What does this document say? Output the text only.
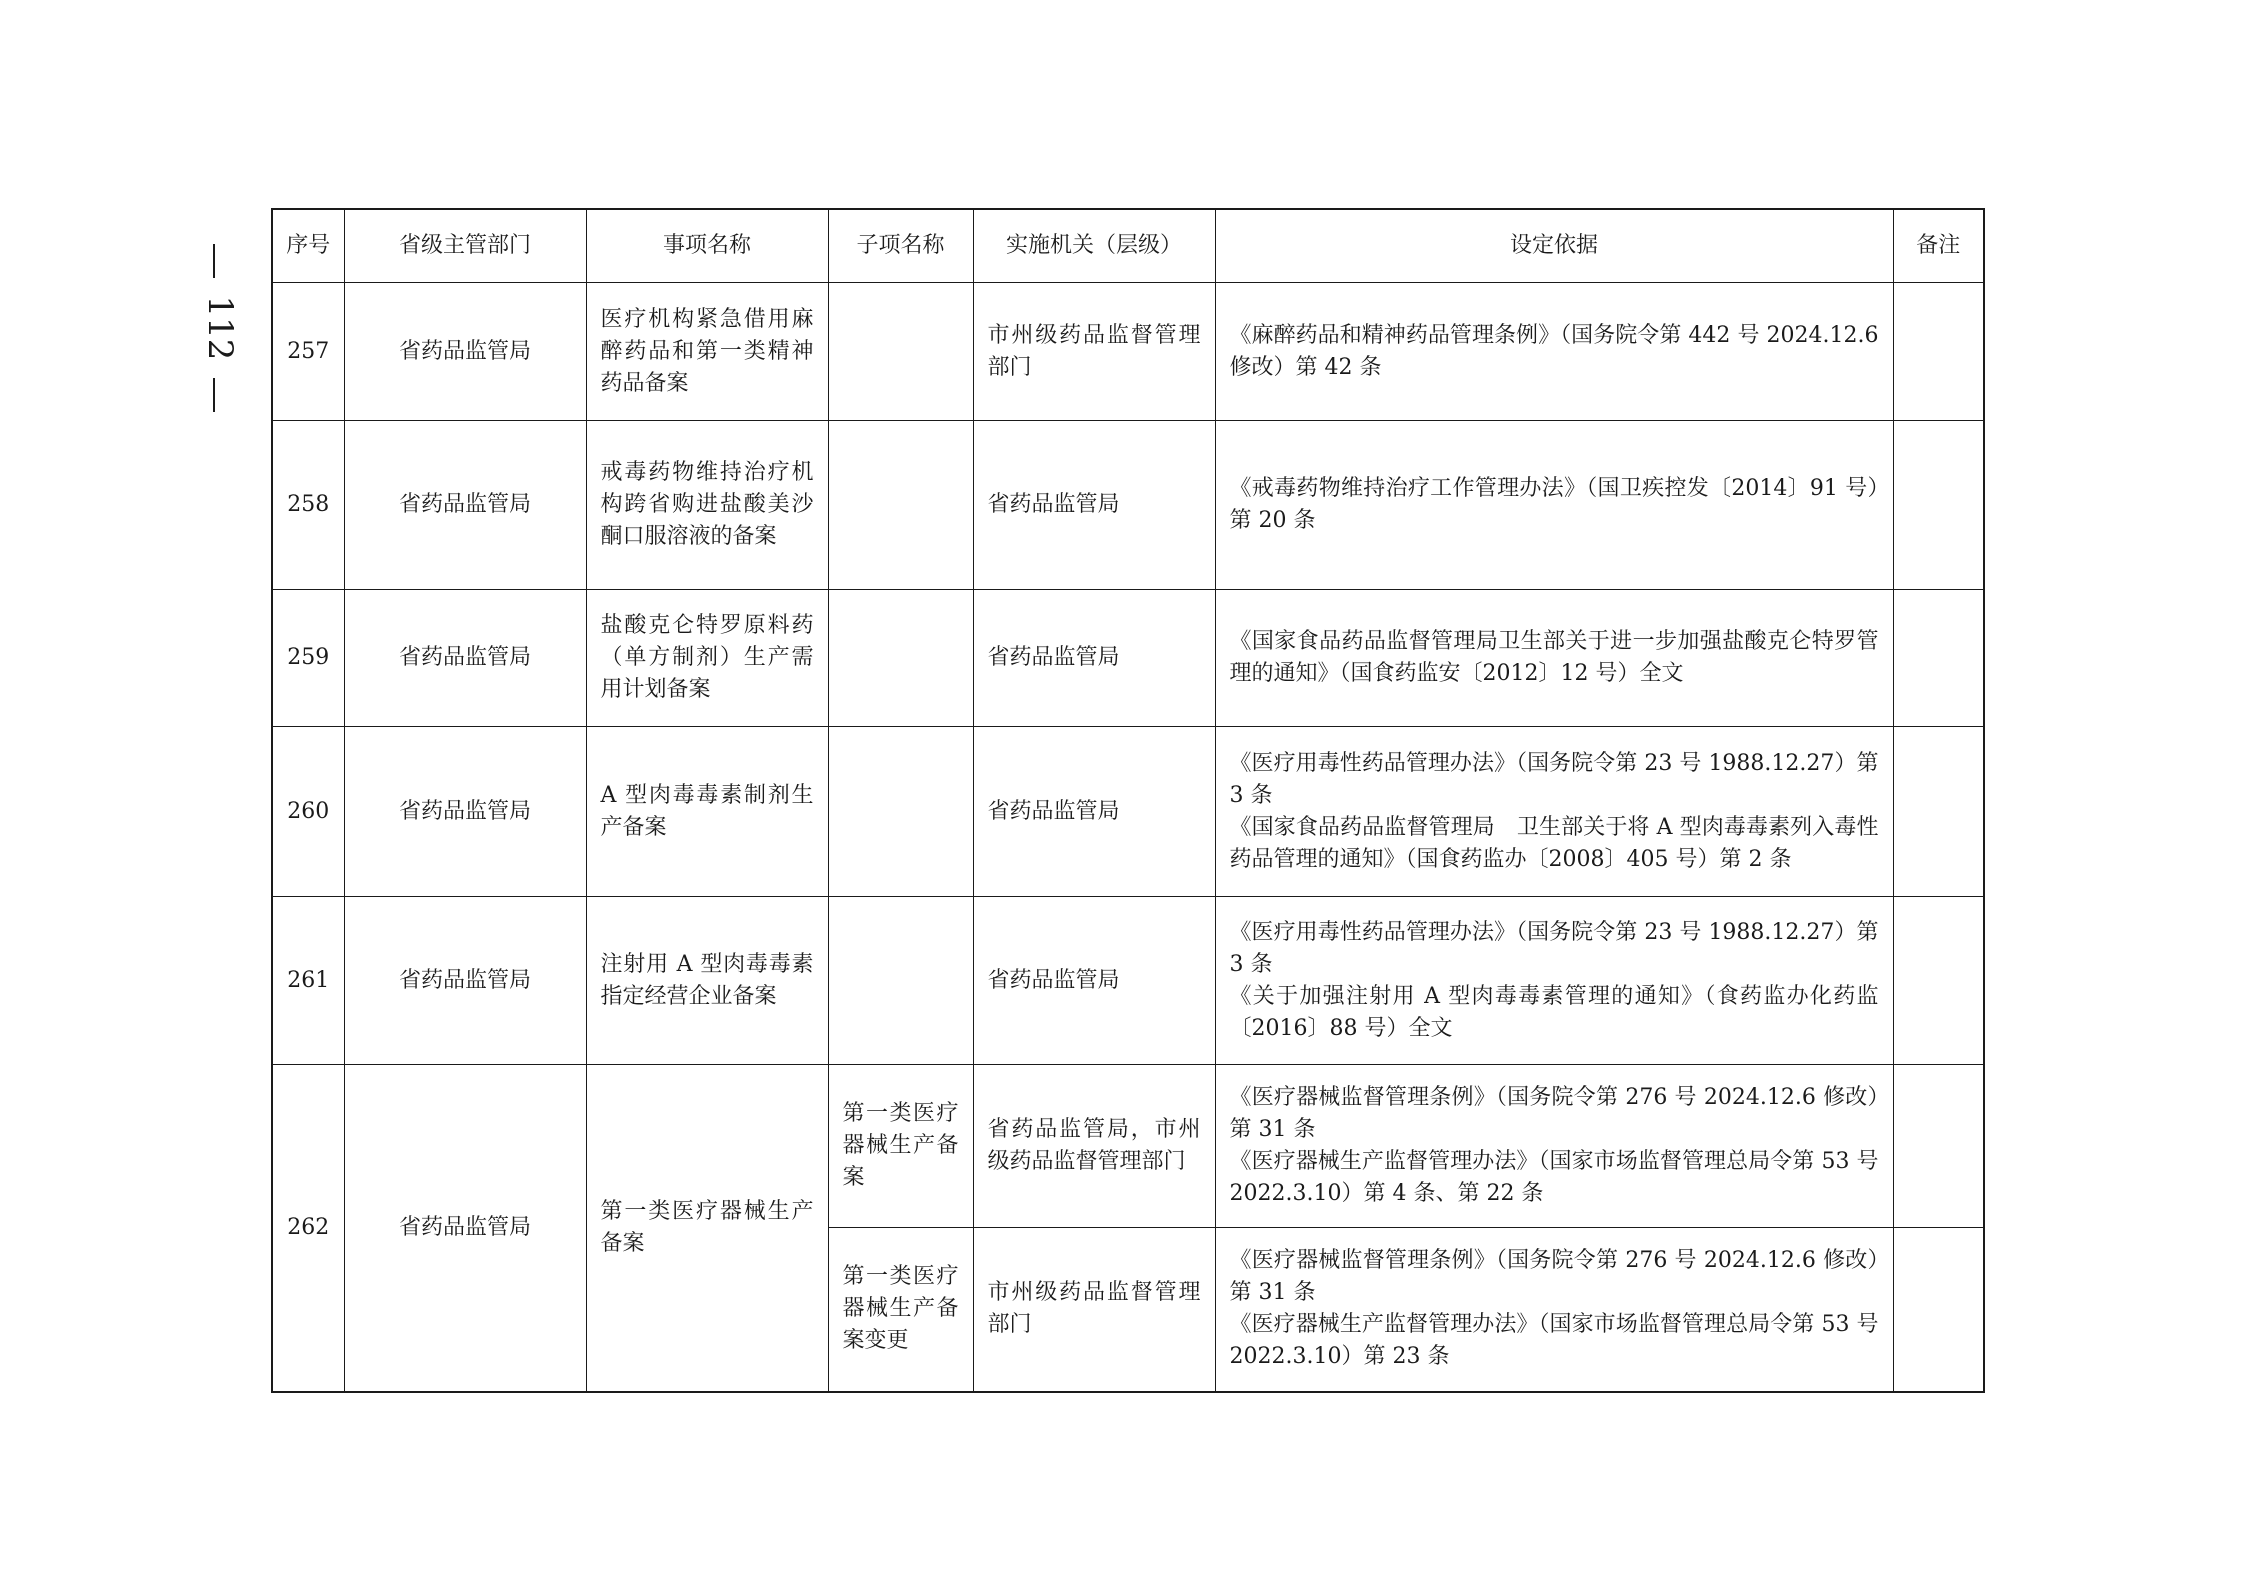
112
序号	省级主管部门	事项名称	子项名称	实施机关（层级）	设定依据	备注
257	省药品监管局	医疗机构紧急借用麻醉药品和第一类精神药品备案		市州级药品监督管理部门	《麻醉药品和精神药品管理条例》（国务院令第 442 号 2024.12.6 修改）第 42 条	

258	省药品监管局	戒毒药物维持治疗机构跨省购进盐酸美沙酮口服溶液的备案		省药品监管局	《戒毒药物维持治疗工作管理办法》（国卫疾控发〔2014〕91 号）第 20 条	

259	省药品监管局	盐酸克仑特罗原料药（单方制剂）生产需用计划备案		省药品监管局	《国家食品药品监督管理局卫生部关于进一步加强盐酸克仑特罗管理的通知》（国食药监安〔2012〕12 号）全文	

260	省药品监管局	A 型肉毒毒素制剂生产备案		省药品监管局	《医疗用毒性药品管理办法》（国务院令第 23 号 1988.12.27）第 3 条
《国家食品药品监督管理局　卫生部关于将 A 型肉毒毒素列入毒性药品管理的通知》（国食药监办〔2008〕405 号）第 2 条	

261	省药品监管局	注射用 A 型肉毒毒素指定经营企业备案		省药品监管局	《医疗用毒性药品管理办法》（国务院令第 23 号 1988.12.27）第 3 条
《关于加强注射用 A 型肉毒毒素管理的通知》（食药监办化药监〔2016〕88 号）全文	

262	省药品监管局	第一类医疗器械生产备案	第一类医疗器械生产备案	省药品监管局，市州级药品监督管理部门	《医疗器械监督管理条例》（国务院令第 276 号 2024.12.6 修改）第 31 条
《医疗器械生产监督管理办法》（国家市场监督管理总局令第 53 号 2022.3.10）第 4 条、第 22 条	

			第一类医疗器械生产备案变更	市州级药品监督管理部门	《医疗器械监督管理条例》（国务院令第 276 号 2024.12.6 修改）第 31 条
《医疗器械生产监督管理办法》（国家市场监督管理总局令第 53 号 2022.3.10）第 23 条	
